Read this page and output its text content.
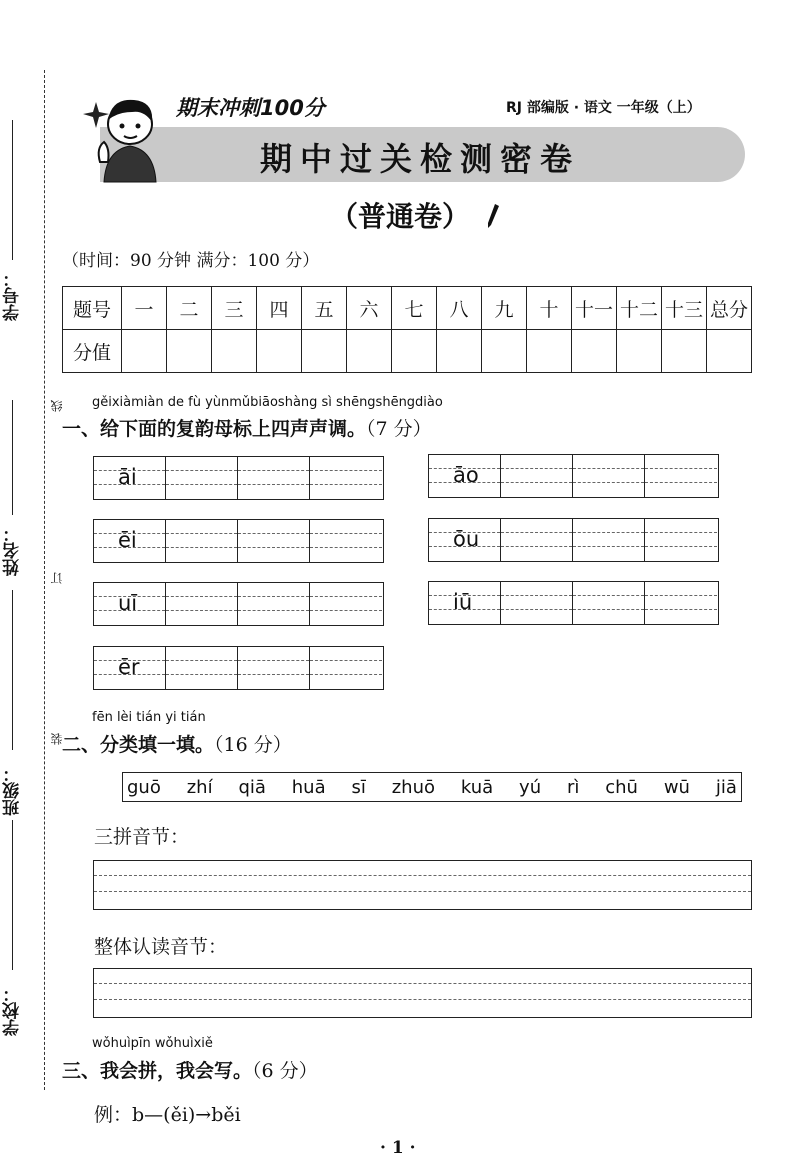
学号：
姓名：
班级：
学校：
线
订
装
期末冲刺100分	RJ 部编版 · 语文 一年级（上）
期中过关检测密卷
（普通卷）
（时间：90 分钟 满分：100 分）
题号	一	二	三	四	五	六	七	八	九	十	十一	十二	十三	总分
分值														
gěixiàmiàn de fù yùnmǔbiāoshàng sì shēngshēngdiào
一、给下面的复韵母标上四声声调。（7 分）
āi
ēi
uī
ēr
āo
ōu
iū
fēn lèi tián yi tián
二、分类填一填。（16 分）
guō zhí qiā huā sī zhuō kuā yú rì chū wū jiā
三拼音节：
整体认读音节：
wǒhuìpīn wǒhuìxiě
三、我会拼，我会写。（6 分）
例：b—(ěi)→běi
· 1 ·
